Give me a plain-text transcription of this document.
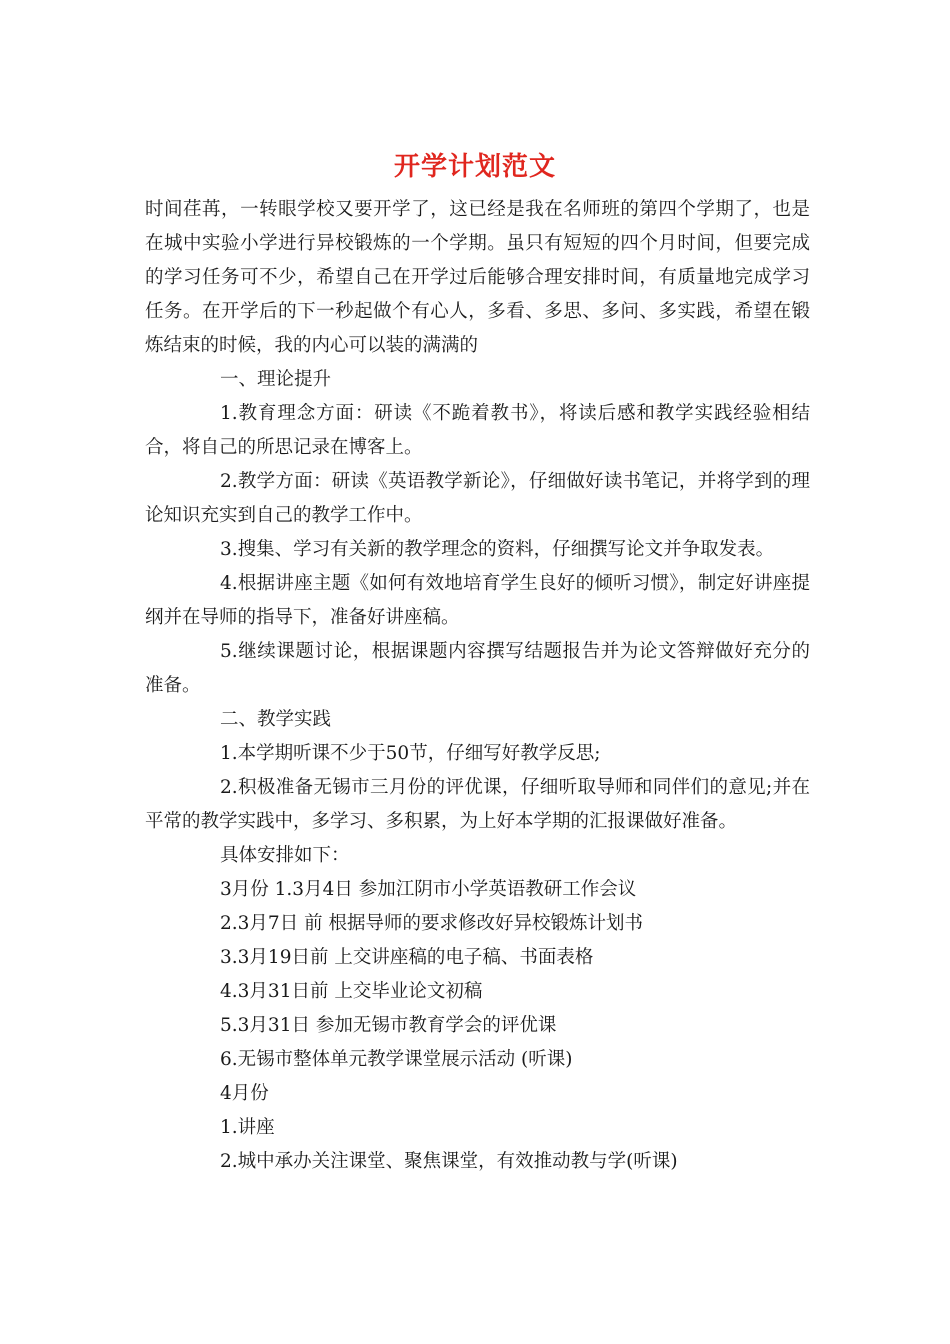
开学计划范文

时间荏苒，一转眼学校又要开学了，这已经是我在名师班的第四个学期了，也是在城中实验小学进行异校锻炼的一个学期。虽只有短短的四个月时间，但要完成的学习任务可不少，希望自己在开学过后能够合理安排时间，有质量地完成学习任务。在开学后的下一秒起做个有心人，多看、多思、多问、多实践，希望在锻炼结束的时候，我的内心可以装的满满的

一、理论提升

1.教育理念方面：研读《不跪着教书》，将读后感和教学实践经验相结合，将自己的所思记录在博客上。

2.教学方面：研读《英语教学新论》，仔细做好读书笔记，并将学到的理论知识充实到自己的教学工作中。

3.搜集、学习有关新的教学理念的资料，仔细撰写论文并争取发表。

4.根据讲座主题《如何有效地培育学生良好的倾听习惯》，制定好讲座提纲并在导师的指导下，准备好讲座稿。

5.继续课题讨论，根据课题内容撰写结题报告并为论文答辩做好充分的准备。

二、教学实践

1.本学期听课不少于50节，仔细写好教学反思;

2.积极准备无锡市三月份的评优课，仔细听取导师和同伴们的意见;并在平常的教学实践中，多学习、多积累，为上好本学期的汇报课做好准备。

具体安排如下：

3月份 1.3月4日 参加江阴市小学英语教研工作会议

2.3月7日 前 根据导师的要求修改好异校锻炼计划书

3.3月19日前 上交讲座稿的电子稿、书面表格

4.3月31日前 上交毕业论文初稿

5.3月31日 参加无锡市教育学会的评优课

6.无锡市整体单元教学课堂展示活动 (听课)

4月份

1.讲座

2.城中承办关注课堂、聚焦课堂，有效推动教与学(听课)
